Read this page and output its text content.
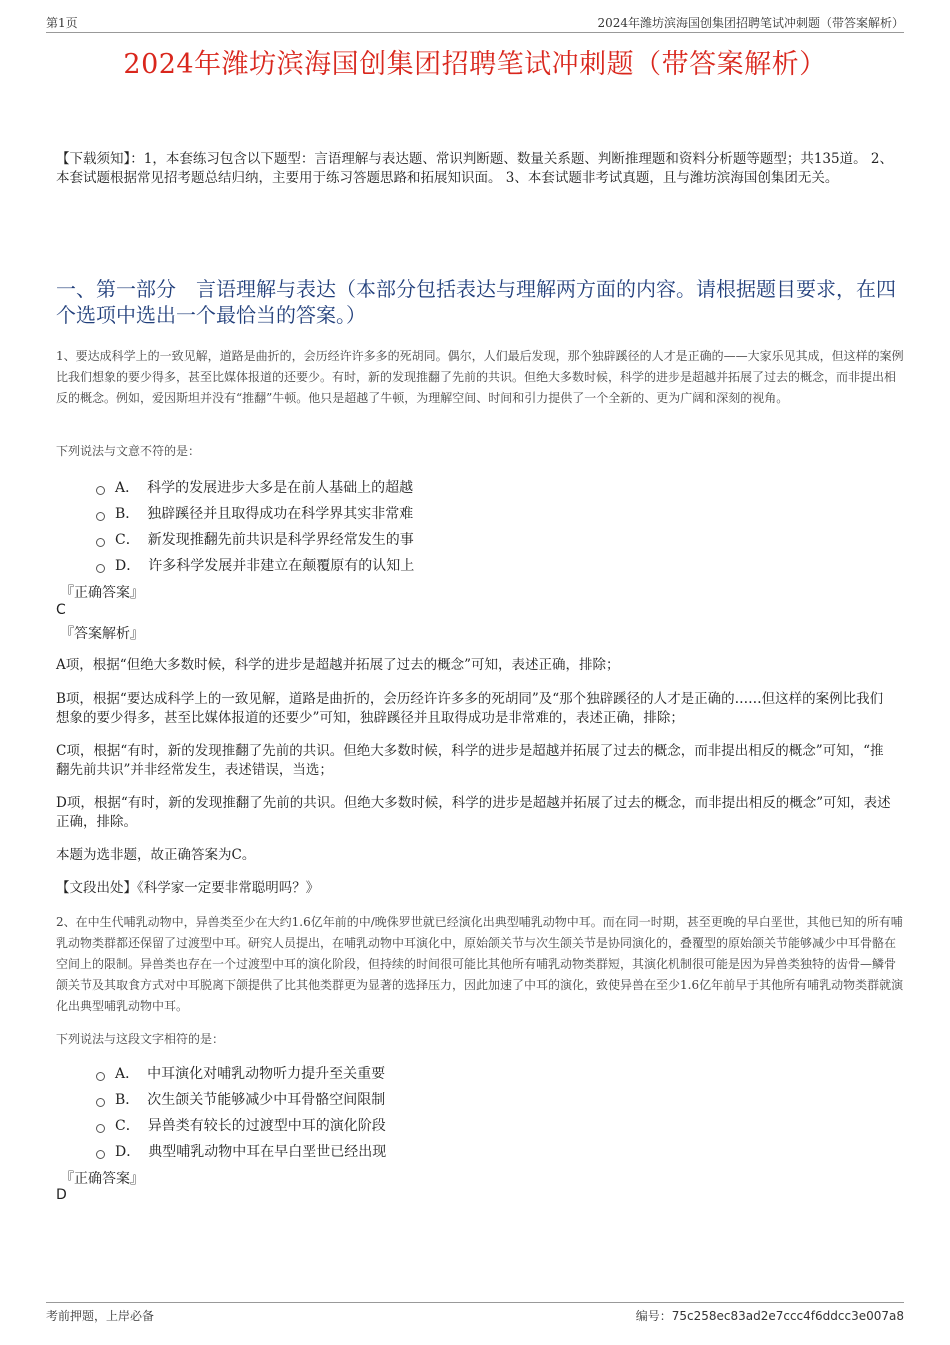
第1页	2024年潍坊滨海国创集团招聘笔试冲刺题（带答案解析）
2024年潍坊滨海国创集团招聘笔试冲刺题（带答案解析）
【下载须知】：1，本套练习包含以下题型：言语理解与表达题、常识判断题、数量关系题、判断推理题和资料分析题等题型；共135道。 2、本套试题根据常见招考题总结归纳，主要用于练习答题思路和拓展知识面。 3、本套试题非考试真题，且与潍坊滨海国创集团无关。
一、第一部分　言语理解与表达（本部分包括表达与理解两方面的内容。请根据题目要求，在四个选项中选出一个最恰当的答案。）
1、要达成科学上的一致见解，道路是曲折的，会历经许许多多的死胡同。偶尔，人们最后发现，那个独辟蹊径的人才是正确的——大家乐见其成，但这样的案例比我们想象的要少得多，甚至比媒体报道的还要少。有时，新的发现推翻了先前的共识。但绝大多数时候，科学的进步是超越并拓展了过去的概念，而非提出相反的概念。例如，爱因斯坦并没有“推翻”牛顿。他只是超越了牛顿，为理解空间、时间和引力提供了一个全新的、更为广阔和深刻的视角。
下列说法与文意不符的是：
A． 科学的发展进步大多是在前人基础上的超越
B． 独辟蹊径并且取得成功在科学界其实非常难
C． 新发现推翻先前共识是科学界经常发生的事
D． 许多科学发展并非建立在颠覆原有的认知上
『正确答案』
C
『答案解析』
A项，根据“但绝大多数时候，科学的进步是超越并拓展了过去的概念”可知，表述正确，排除；
B项，根据“要达成科学上的一致见解，道路是曲折的，会历经许许多多的死胡同”及“那个独辟蹊径的人才是正确的……但这样的案例比我们想象的要少得多，甚至比媒体报道的还要少”可知，独辟蹊径并且取得成功是非常难的，表述正确，排除；
C项，根据“有时，新的发现推翻了先前的共识。但绝大多数时候，科学的进步是超越并拓展了过去的概念，而非提出相反的概念”可知，“推翻先前共识”并非经常发生，表述错误，当选；
D项，根据“有时，新的发现推翻了先前的共识。但绝大多数时候，科学的进步是超越并拓展了过去的概念，而非提出相反的概念”可知，表述正确，排除。
本题为选非题，故正确答案为C。
【文段出处】《科学家一定要非常聪明吗？》
2、在中生代哺乳动物中，异兽类至少在大约1.6亿年前的中/晚侏罗世就已经演化出典型哺乳动物中耳。而在同一时期，甚至更晚的早白垩世，其他已知的所有哺乳动物类群都还保留了过渡型中耳。研究人员提出，在哺乳动物中耳演化中，原始颌关节与次生颌关节是协同演化的，叠覆型的原始颌关节能够减少中耳骨骼在空间上的限制。异兽类也存在一个过渡型中耳的演化阶段，但持续的时间很可能比其他所有哺乳动物类群短，其演化机制很可能是因为异兽类独特的齿骨—鳞骨颌关节及其取食方式对中耳脱离下颌提供了比其他类群更为显著的选择压力，因此加速了中耳的演化，致使异兽在至少1.6亿年前早于其他所有哺乳动物类群就演化出典型哺乳动物中耳。
下列说法与这段文字相符的是：
A． 中耳演化对哺乳动物听力提升至关重要
B． 次生颌关节能够减少中耳骨骼空间限制
C． 异兽类有较长的过渡型中耳的演化阶段
D． 典型哺乳动物中耳在早白垩世已经出现
『正确答案』
D
考前押题，上岸必备	编号：75c258ec83ad2e7ccc4f6ddcc3e007a8
